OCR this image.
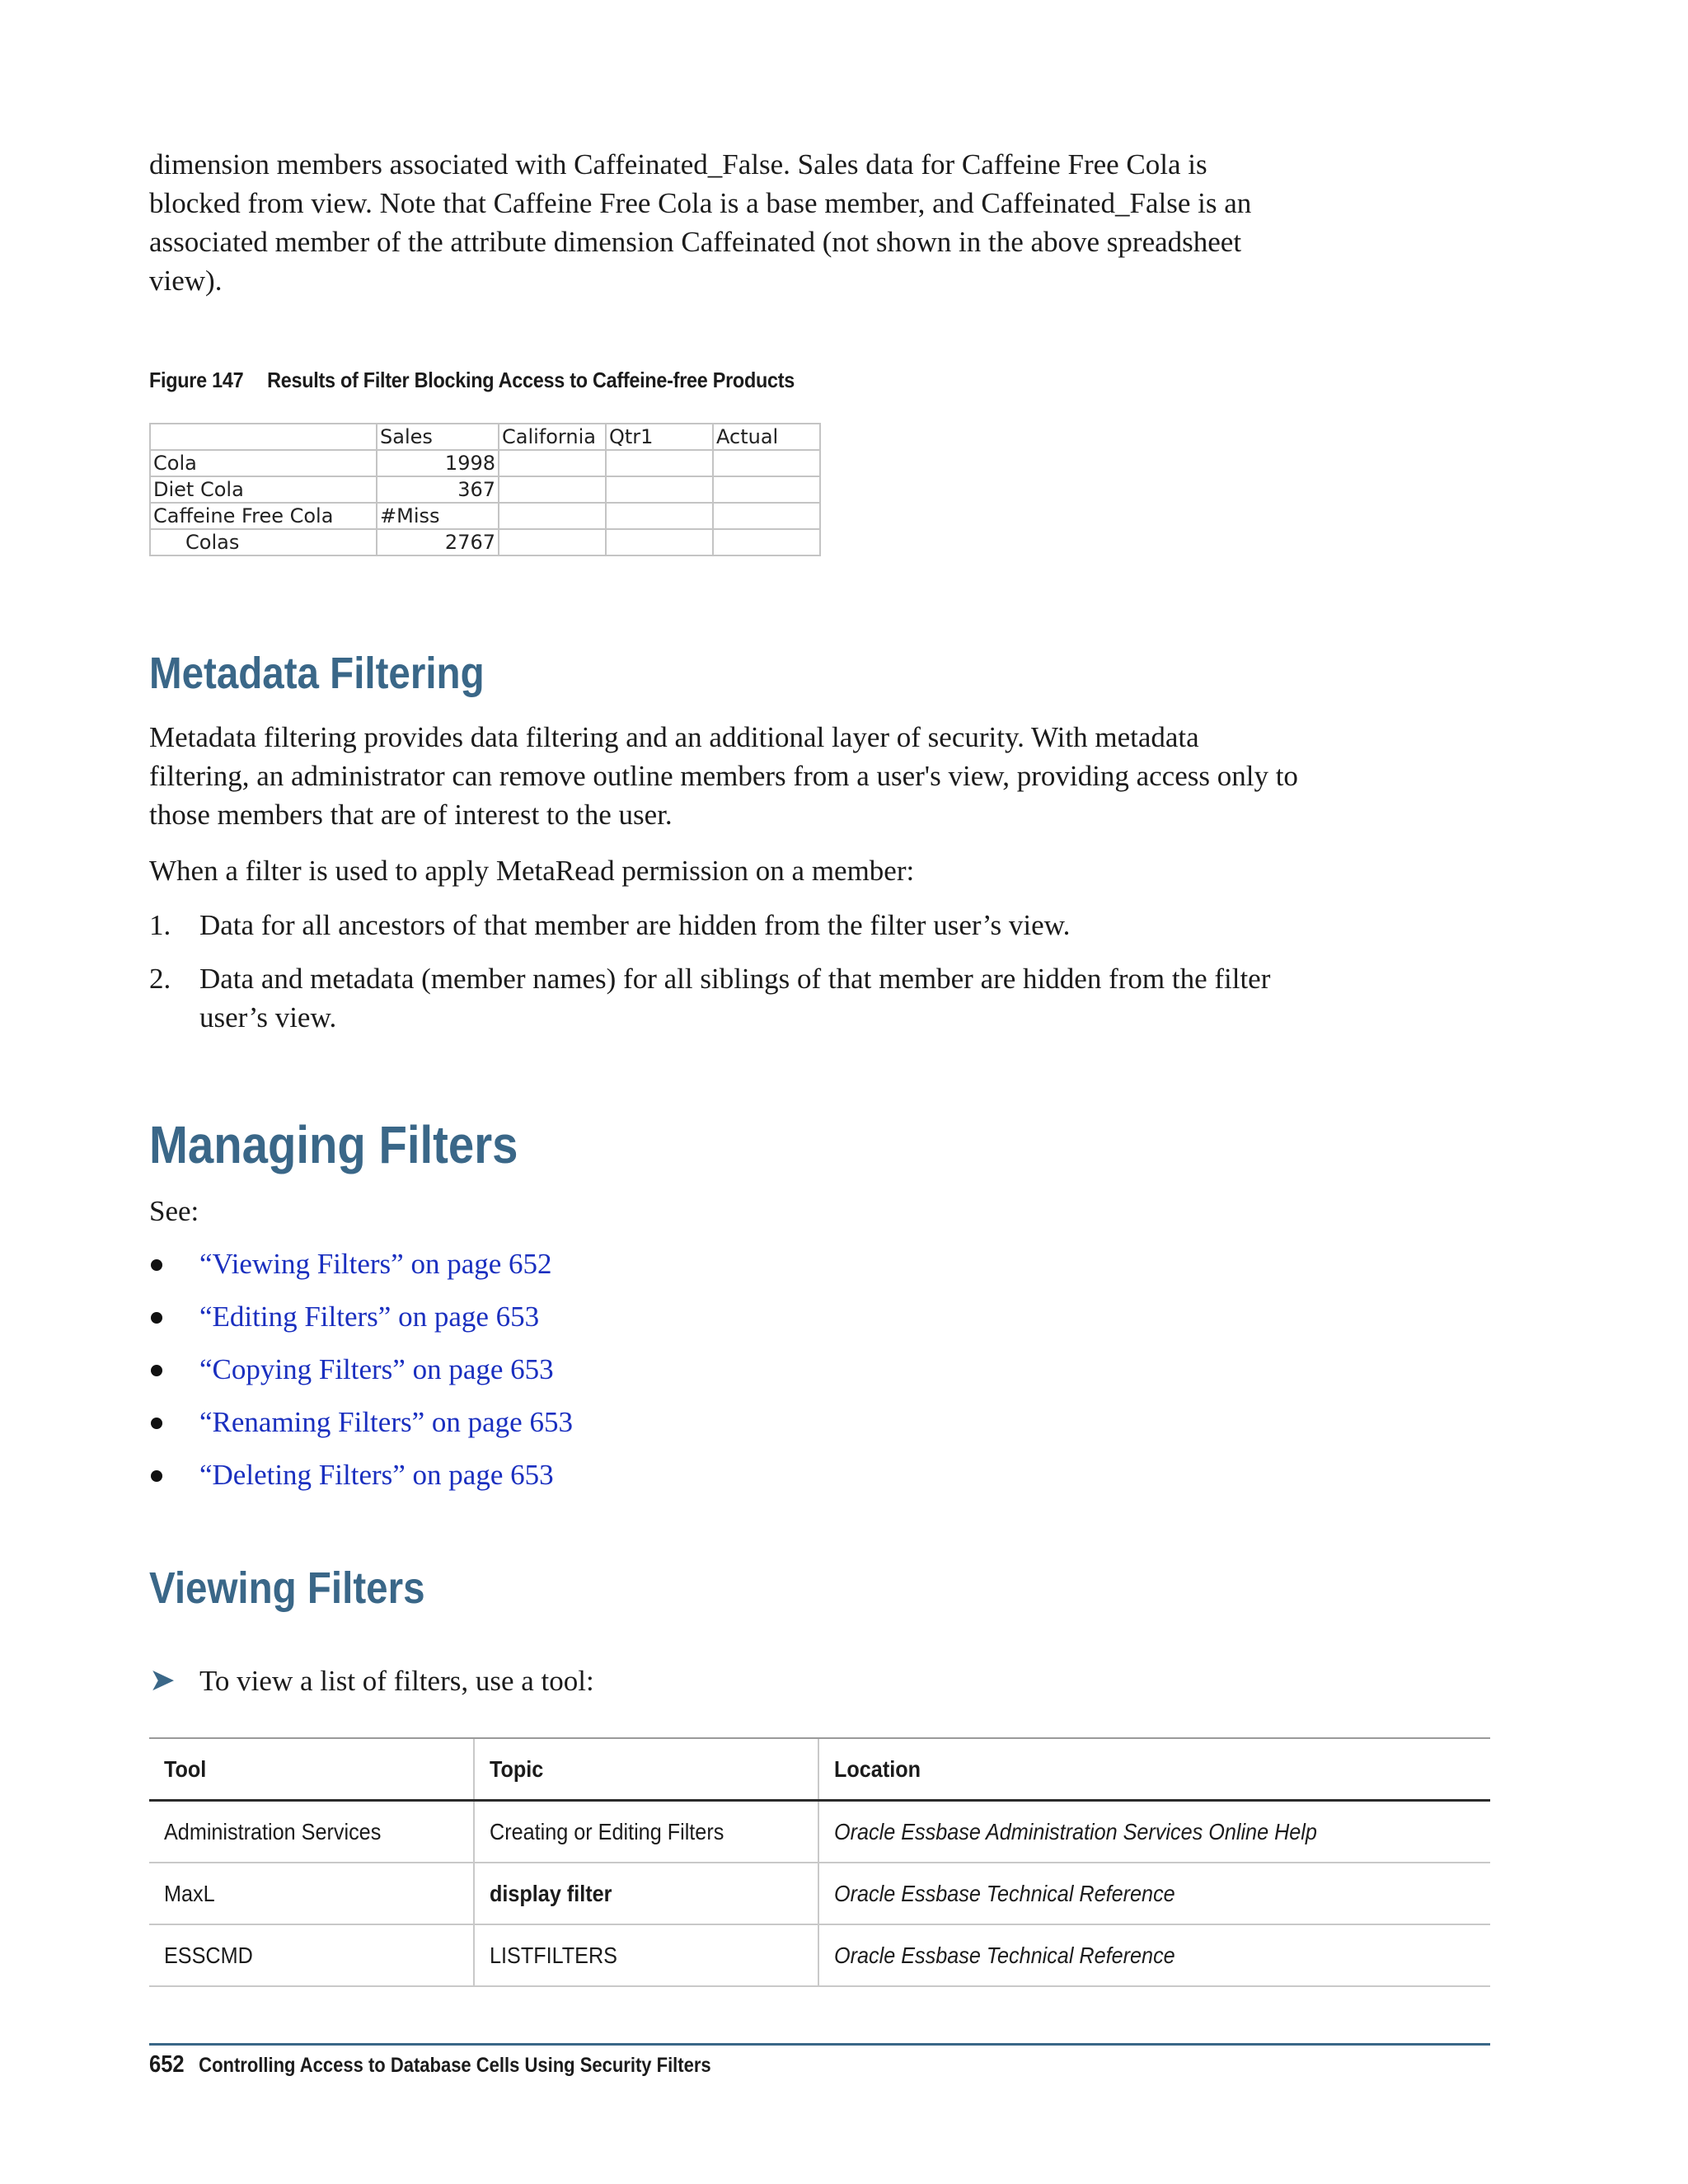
dimension members associated with Caffeinated_False. Sales data for Caffeine Free Cola is blocked from view. Note that Caffeine Free Cola is a base member, and Caffeinated_False is an associated member of the attribute dimension Caffeinated (not shown in the above spreadsheet view).

Figure 147 Results of Filter Blocking Access to Caffeine-free Products
	Sales	California	Qtr1	Actual
Cola	1998			
Diet Cola	367			
Caffeine Free Cola	#Miss			
Colas	2767			
Metadata Filtering

Metadata filtering provides data filtering and an additional layer of security. With metadata filtering, an administrator can remove outline members from a user's view, providing access only to those members that are of interest to the user.

When a filter is used to apply MetaRead permission on a member:

1. Data for all ancestors of that member are hidden from the filter user’s view.
2. Data and metadata (member names) for all siblings of that member are hidden from the filter user’s view.
Managing Filters

See:

“Viewing Filters” on page 652
“Editing Filters” on page 653
“Copying Filters” on page 653
“Renaming Filters” on page 653
“Deleting Filters” on page 653
Viewing Filters
➤ To view a list of filters, use a tool:
Tool	Topic	Location
Administration Services	Creating or Editing Filters	Oracle Essbase Administration Services Online Help
MaxL	display filter	Oracle Essbase Technical Reference
ESSCMD	LISTFILTERS	Oracle Essbase Technical Reference
652 Controlling Access to Database Cells Using Security Filters
